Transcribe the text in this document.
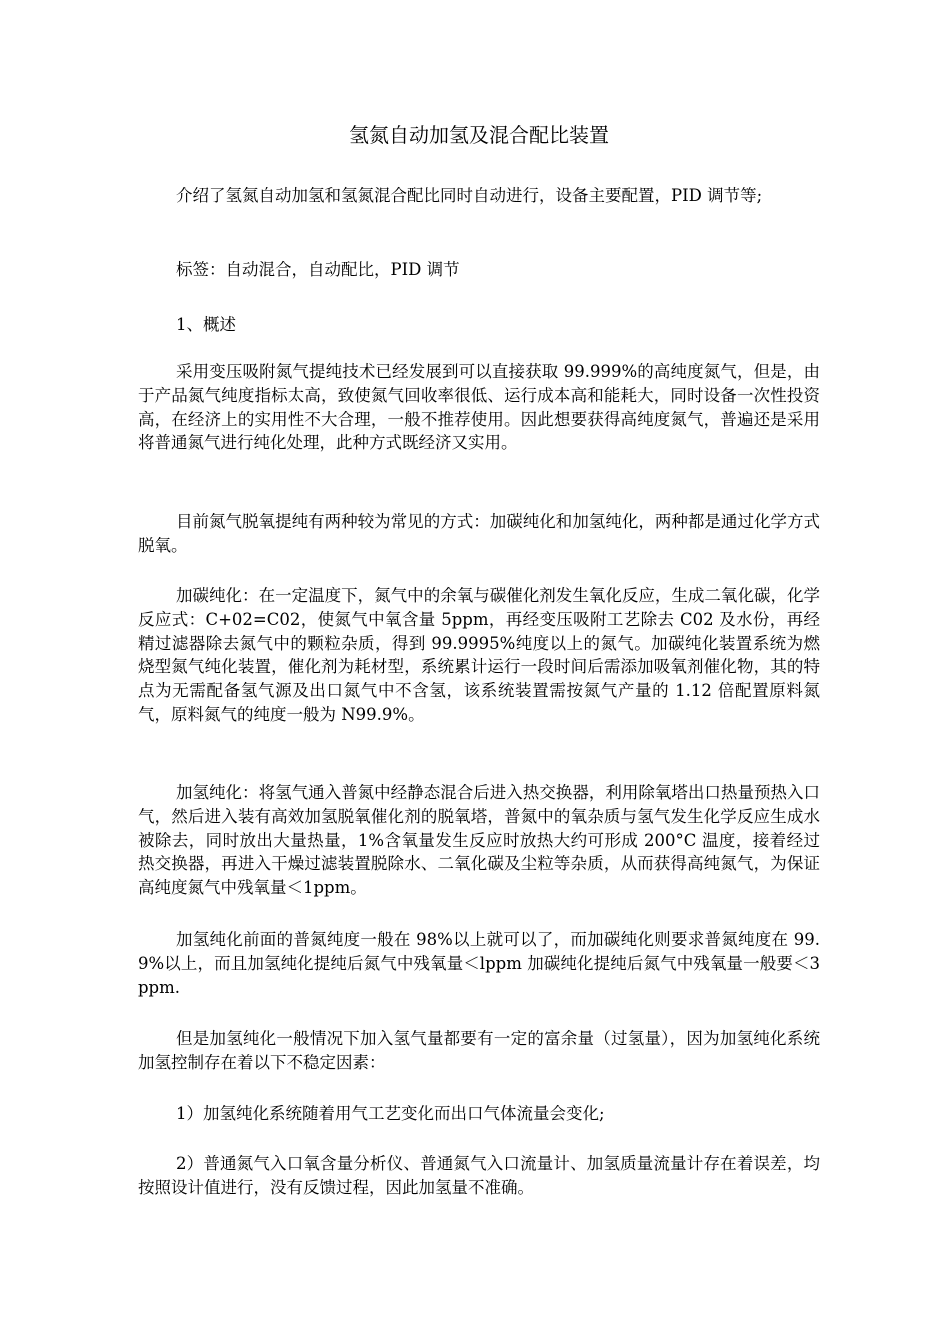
氢氮自动加氢及混合配比装置

介绍了氢氮自动加氢和氢氮混合配比同时自动进行，设备主要配置，PID 调节等;

标签：自动混合，自动配比，PID 调节

1、概述

采用变压吸附氮气提纯技术已经发展到可以直接获取 99.999%的高纯度氮气，但是，由于产品氮气纯度指标太高，致使氮气回收率很低、运行成本高和能耗大，同时设备一次性投资高，在经济上的实用性不大合理，一般不推荐使用。因此想要获得高纯度氮气，普遍还是采用将普通氮气进行纯化处理，此种方式既经济又实用。

目前氮气脱氧提纯有两种较为常见的方式：加碳纯化和加氢纯化，两种都是通过化学方式脱氧。

加碳纯化：在一定温度下，氮气中的余氧与碳催化剂发生氧化反应，生成二氧化碳，化学反应式：C+02=C02，使氮气中氧含量 5ppm，再经变压吸附工艺除去 C02 及水份，再经精过滤器除去氮气中的颗粒杂质，得到 99.9995%纯度以上的氮气。加碳纯化装置系统为燃烧型氮气纯化装置，催化剂为耗材型，系统累计运行一段时间后需添加吸氧剂催化物，其的特点为无需配备氢气源及出口氮气中不含氢，该系统装置需按氮气产量的 1.12 倍配置原料氮气，原料氮气的纯度一般为 N99.9%。

加氢纯化：将氢气通入普氮中经静态混合后进入热交换器，利用除氧塔出口热量预热入口气，然后进入装有高效加氢脱氧催化剂的脱氧塔，普氮中的氧杂质与氢气发生化学反应生成水被除去，同时放出大量热量，1%含氧量发生反应时放热大约可形成 200°C 温度，接着经过热交换器，再进入干燥过滤装置脱除水、二氧化碳及尘粒等杂质，从而获得高纯氮气，为保证高纯度氮气中残氧量＜1ppm。

加氢纯化前面的普氮纯度一般在 98%以上就可以了，而加碳纯化则要求普氮纯度在 99.9%以上，而且加氢纯化提纯后氮气中残氧量＜lppm 加碳纯化提纯后氮气中残氧量一般要＜3ppm.

但是加氢纯化一般情况下加入氢气量都要有一定的富余量（过氢量），因为加氢纯化系统加氢控制存在着以下不稳定因素：

1）加氢纯化系统随着用气工艺变化而出口气体流量会变化;

2）普通氮气入口氧含量分析仪、普通氮气入口流量计、加氢质量流量计存在着误差，均按照设计值进行，没有反馈过程，因此加氢量不准确。
